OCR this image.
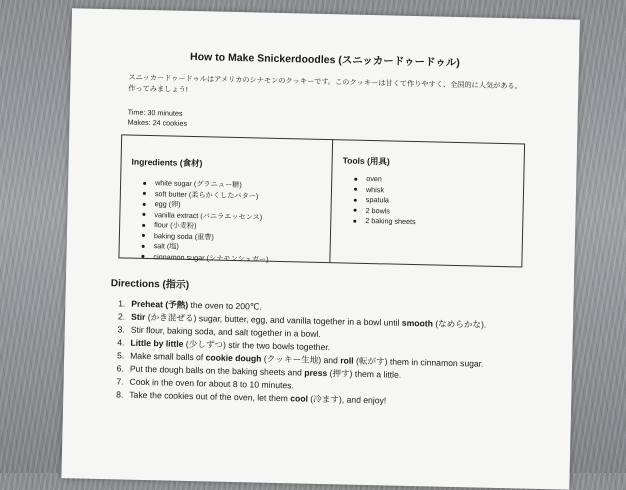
How to Make Snickerdoodles (スニッカードゥードゥル)
スニッカードゥードゥルはアメリカのシナモンのクッキーです。このクッキーは甘くて作りやすく、全国的に人気がある。作ってみましょう!
Time: 30 minutes
Makes: 24 cookies
Ingredients (食材)
white sugar (グラニュー糖)
soft butter (柔らかくしたバター)
egg (卵)
vanilla extract (バニラエッセンス)
flour (小麦粉)
baking soda (重曹)
salt (塩)
cinnamon sugar (シナモンシュガー)
Tools (用具)
oven
whisk
spatula
2 bowls
2 baking sheets
Directions (指示)
1. Preheat (予熱) the oven to 200℃.
2. Stir (かき混ぜる) sugar, butter, egg, and vanilla together in a bowl until smooth (なめらかな).
3. Stir flour, baking soda, and salt together in a bowl.
4. Little by little (少しずつ) stir the two bowls together.
5. Make small balls of cookie dough (クッキー生地) and roll (転がす) them in cinnamon sugar.
6. Put the dough balls on the baking sheets and press (押す) them a little.
7. Cook in the oven for about 8 to 10 minutes.
8. Take the cookies out of the oven, let them cool (冷ます), and enjoy!
